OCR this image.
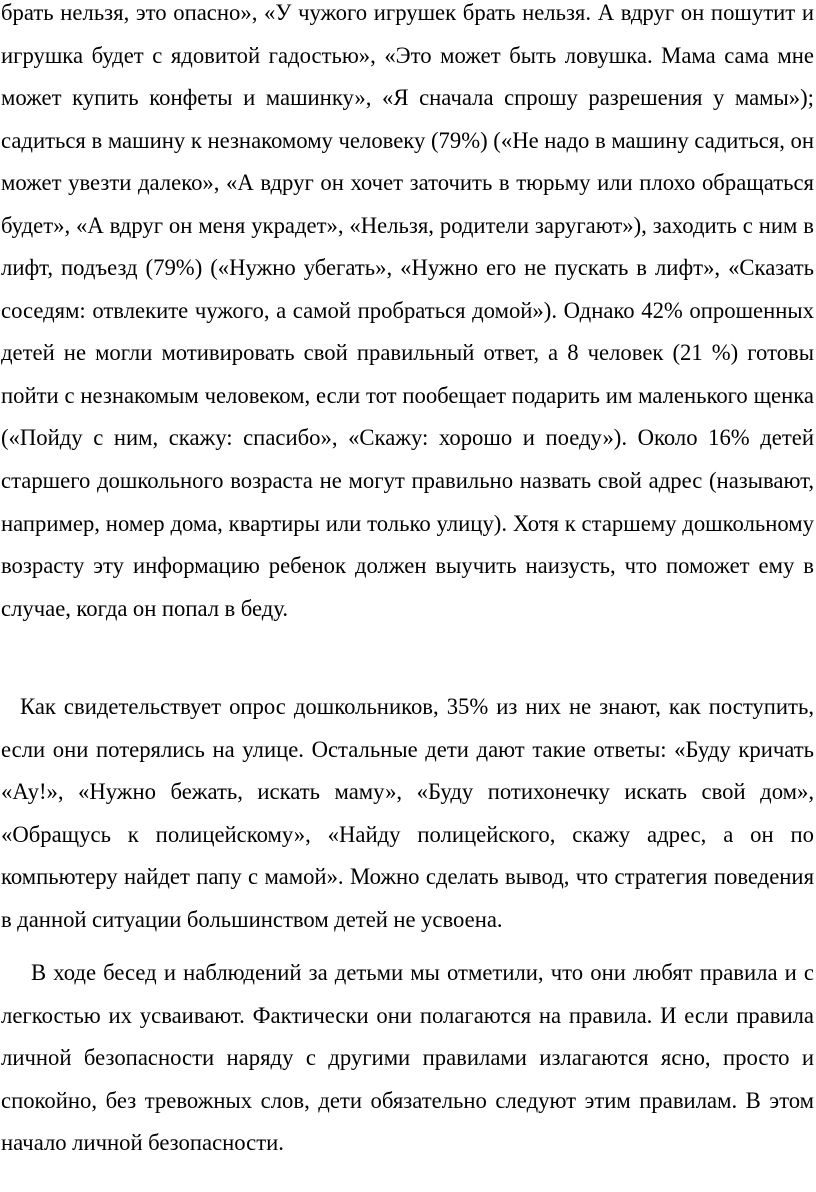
брать нельзя, это опасно», «У чужого игрушек брать нельзя. А вдруг он пошутит и игрушка будет с ядовитой гадостью», «Это может быть ловушка. Мама сама мне может купить конфеты и машинку», «Я сначала спрошу разрешения у мамы»); садиться в машину к незнакомому человеку (79%) («Не надо в машину садиться, он может увезти далеко», «А вдруг он хочет заточить в тюрьму или плохо обращаться будет», «А вдруг он меня украдет», «Нельзя, родители заругают»), заходить с ним в лифт, подъезд (79%) («Нужно убегать», «Нужно его не пускать в лифт», «Сказать соседям: отвлеките чужого, а самой пробраться домой»). Однако 42% опрошенных детей не могли мотивировать свой правильный ответ, а 8 человек (21 %) готовы пойти с незнакомым человеком, если тот пообещает подарить им маленького щенка («Пойду с ним, скажу: спасибо», «Скажу: хорошо и поеду»). Около 16% детей старшего дошкольного возраста не могут правильно назвать свой адрес (называют, например, номер дома, квартиры или только улицу). Хотя к старшему дошкольному возрасту эту информацию ребенок должен выучить наизусть, что поможет ему в случае, когда он попал в беду.

Как свидетельствует опрос дошкольников, 35% из них не знают, как поступить, если они потерялись на улице. Остальные дети дают такие ответы: «Буду кричать «Ау!», «Нужно бежать, искать маму», «Буду потихонечку искать свой дом», «Обращусь к полицейскому», «Найду полицейского, скажу адрес, а он по компьютеру найдет папу с мамой». Можно сделать вывод, что стратегия поведения в данной ситуации большинством детей не усвоена.

В ходе бесед и наблюдений за детьми мы отметили, что они любят правила и с легкостью их усваивают. Фактически они полагаются на правила. И если правила личной безопасности наряду с другими правилами излагаются ясно, просто и спокойно, без тревожных слов, дети обязательно следуют этим правилам. В этом начало личной безопасности.
